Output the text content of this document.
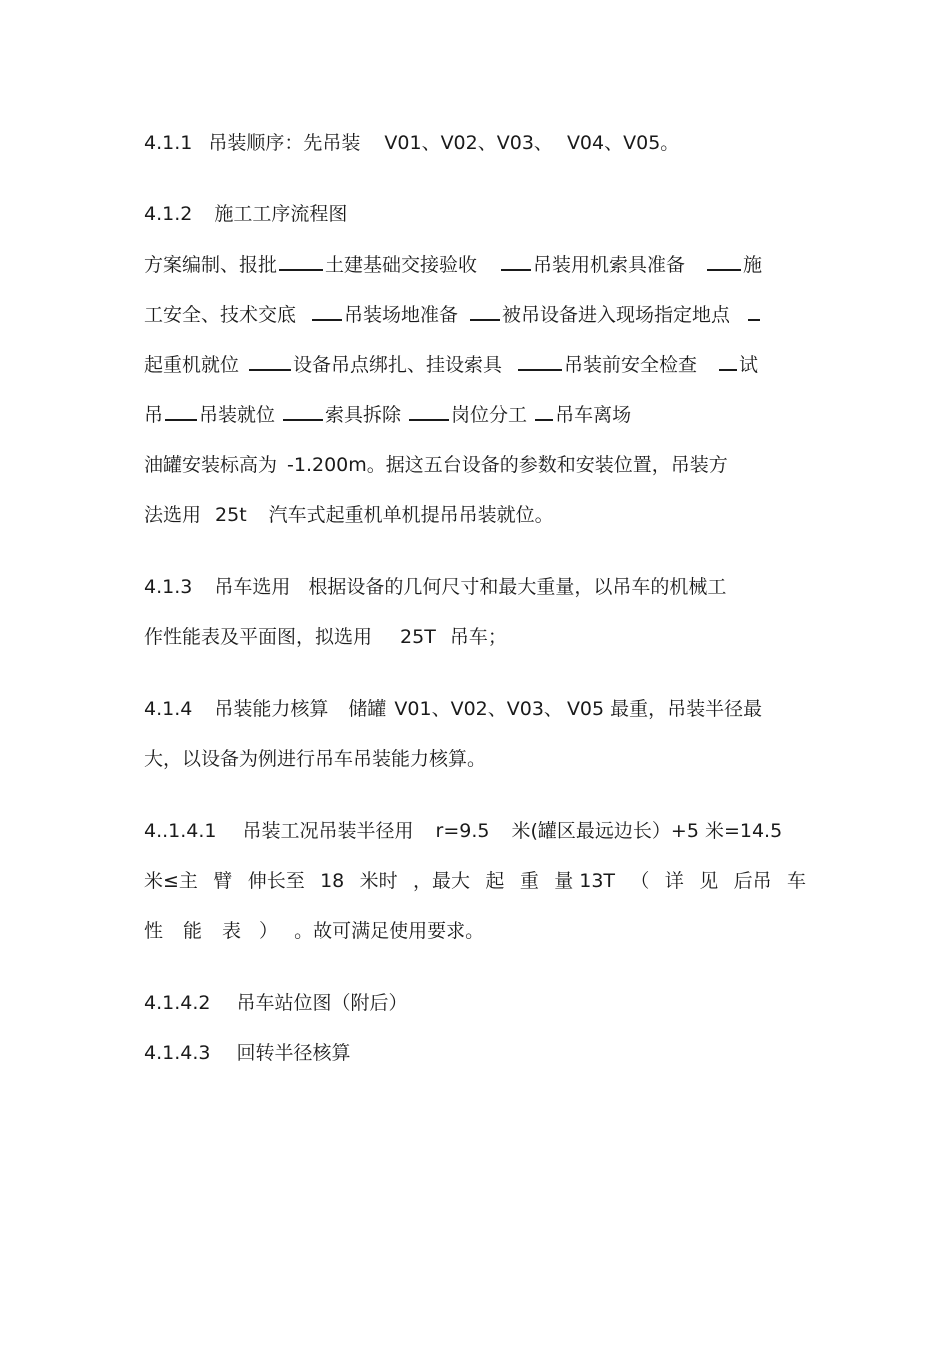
4.1.1 吊装顺序：先吊装 V01、V02、V03、 V04、V05。
4.1.2 施工工序流程图
方案编制、报批	土建基础交接验收	吊装用机索具准备	施
工安全、技术交底	吊装场地准备 被吊设备进入现场指定地点
起重机就位	设备吊点绑扎、挂设索具	吊装前安全检查 试
吊 吊装就位	索具拆除	岗位分工 吊车离场
油罐安装标高为 -1.200m。据这五台设备的参数和安装位置，吊装方
法选用 25t 汽车式起重机单机提吊吊装就位。
4.1.3 吊车选用 根据设备的几何尺寸和最大重量，以吊车的机械工
作性能表及平面图，拟选用 25T 吊车；
4.1.4 吊装能力核算 储罐 V01、V02、V03、 V05 最重，吊装半径最
大，以设备为例进行吊车吊装能力核算。
4..1.4.1 吊装工况吊装半径用 r=9.5 米(罐区最远边长）+5 米=14.5
米≤主 臂 伸长至 18 米时 ，最大 起 重 量 13T （ 详 见 后吊 车
性 能 表 ） 。故可满足使用要求。
4.1.4.2 吊车站位图（附后）
4.1.4.3 回转半径核算
